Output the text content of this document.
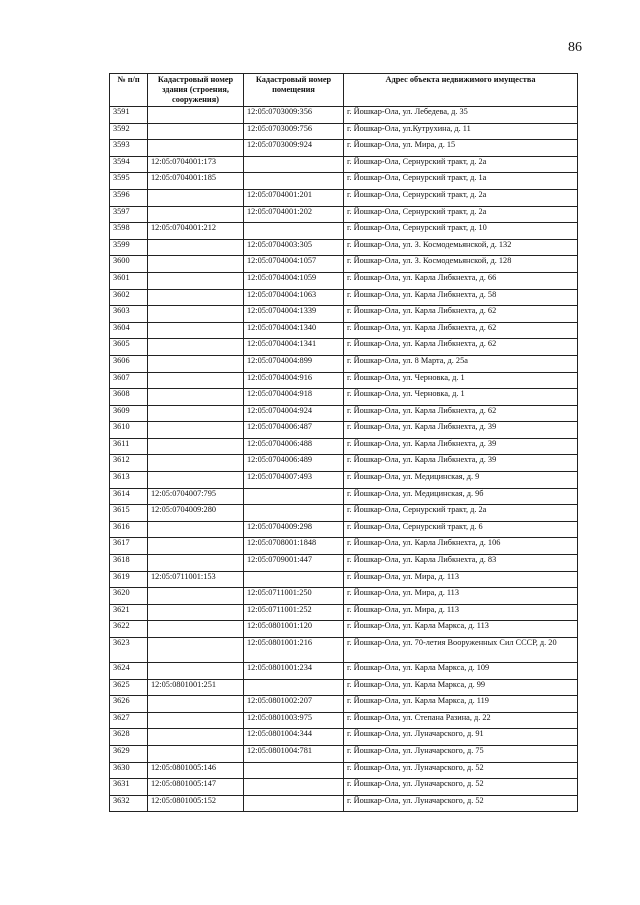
86
№ п/п	Кадастровый номер здания (строения, сооружения)	Кадастровый номер помещения	Адрес объекта недвижимого имущества
3591		12:05:0703009:356	г. Йошкар-Ола, ул. Лебедева, д. 35
3592		12:05:0703009:756	г. Йошкар-Ола, ул.Кутрухина, д. 11
3593		12:05:0703009:924	г. Йошкар-Ола, ул. Мира, д. 15
3594	12:05:0704001:173		г. Йошкар-Ола, Сернурский тракт, д. 2а
3595	12:05:0704001:185		г. Йошкар-Ола, Сернурский тракт, д. 1а
3596		12:05:0704001:201	г. Йошкар-Ола, Сернурский тракт, д. 2а
3597		12:05:0704001:202	г. Йошкар-Ола, Сернурский тракт, д. 2а
3598	12:05:0704001:212		г. Йошкар-Ола, Сернурский тракт, д. 10
3599		12:05:0704003:305	г. Йошкар-Ола, ул. З. Космодемьянской, д. 132
3600		12:05:0704004:1057	г. Йошкар-Ола, ул. З. Космодемьянской, д. 128
3601		12:05:0704004:1059	г. Йошкар-Ола, ул. Карла Либкнехта, д. 66
3602		12:05:0704004:1063	г. Йошкар-Ола, ул. Карла Либкнехта, д. 58
3603		12:05:0704004:1339	г. Йошкар-Ола, ул. Карла Либкнехта, д. 62
3604		12:05:0704004:1340	г. Йошкар-Ола, ул. Карла Либкнехта, д. 62
3605		12:05:0704004:1341	г. Йошкар-Ола, ул. Карла Либкнехта, д. 62
3606		12:05:0704004:899	г. Йошкар-Ола, ул. 8 Марта, д. 25а
3607		12:05:0704004:916	г. Йошкар-Ола, ул. Черновка, д. 1
3608		12:05:0704004:918	г. Йошкар-Ола, ул. Черновка, д. 1
3609		12:05:0704004:924	г. Йошкар-Ола, ул. Карла Либкнехта, д. 62
3610		12:05:0704006:487	г. Йошкар-Ола, ул. Карла Либкнехта, д. 39
3611		12:05:0704006:488	г. Йошкар-Ола, ул. Карла Либкнехта, д. 39
3612		12:05:0704006:489	г. Йошкар-Ола, ул. Карла Либкнехта, д. 39
3613		12:05:0704007:493	г. Йошкар-Ола, ул. Медицинская, д. 9
3614	12:05:0704007:795		г. Йошкар-Ола, ул. Медицинская, д. 9б
3615	12:05:0704009:280		г. Йошкар-Ола, Сернурский тракт, д. 2а
3616		12:05:0704009:298	г. Йошкар-Ола, Сернурский тракт, д. 6
3617		12:05:0708001:1848	г. Йошкар-Ола, ул. Карла Либкнехта, д. 106
3618		12:05:0709001:447	г. Йошкар-Ола, ул. Карла Либкнехта, д. 83
3619	12:05:0711001:153		г. Йошкар-Ола, ул. Мира, д. 113
3620		12:05:0711001:250	г. Йошкар-Ола, ул. Мира, д. 113
3621		12:05:0711001:252	г. Йошкар-Ола, ул. Мира, д. 113
3622		12:05:0801001:120	г. Йошкар-Ола, ул. Карла Маркса, д. 113
3623		12:05:0801001:216	г. Йошкар-Ола, ул. 70-летия Вооруженных Сил СССР, д. 20
3624		12:05:0801001:234	г. Йошкар-Ола, ул. Карла Маркса, д. 109
3625	12:05:0801001:251		г. Йошкар-Ола, ул. Карла Маркса, д. 99
3626		12:05:0801002:207	г. Йошкар-Ола, ул. Карла Маркса, д. 119
3627		12:05:0801003:975	г. Йошкар-Ола, ул. Степана Разина, д. 22
3628		12:05:0801004:344	г. Йошкар-Ола, ул. Луначарского, д. 91
3629		12:05:0801004:781	г. Йошкар-Ола, ул. Луначарского, д. 75
3630	12:05:0801005:146		г. Йошкар-Ола, ул. Луначарского, д. 52
3631	12:05:0801005:147		г. Йошкар-Ола, ул. Луначарского, д. 52
3632	12:05:0801005:152		г. Йошкар-Ола, ул. Луначарского, д. 52
